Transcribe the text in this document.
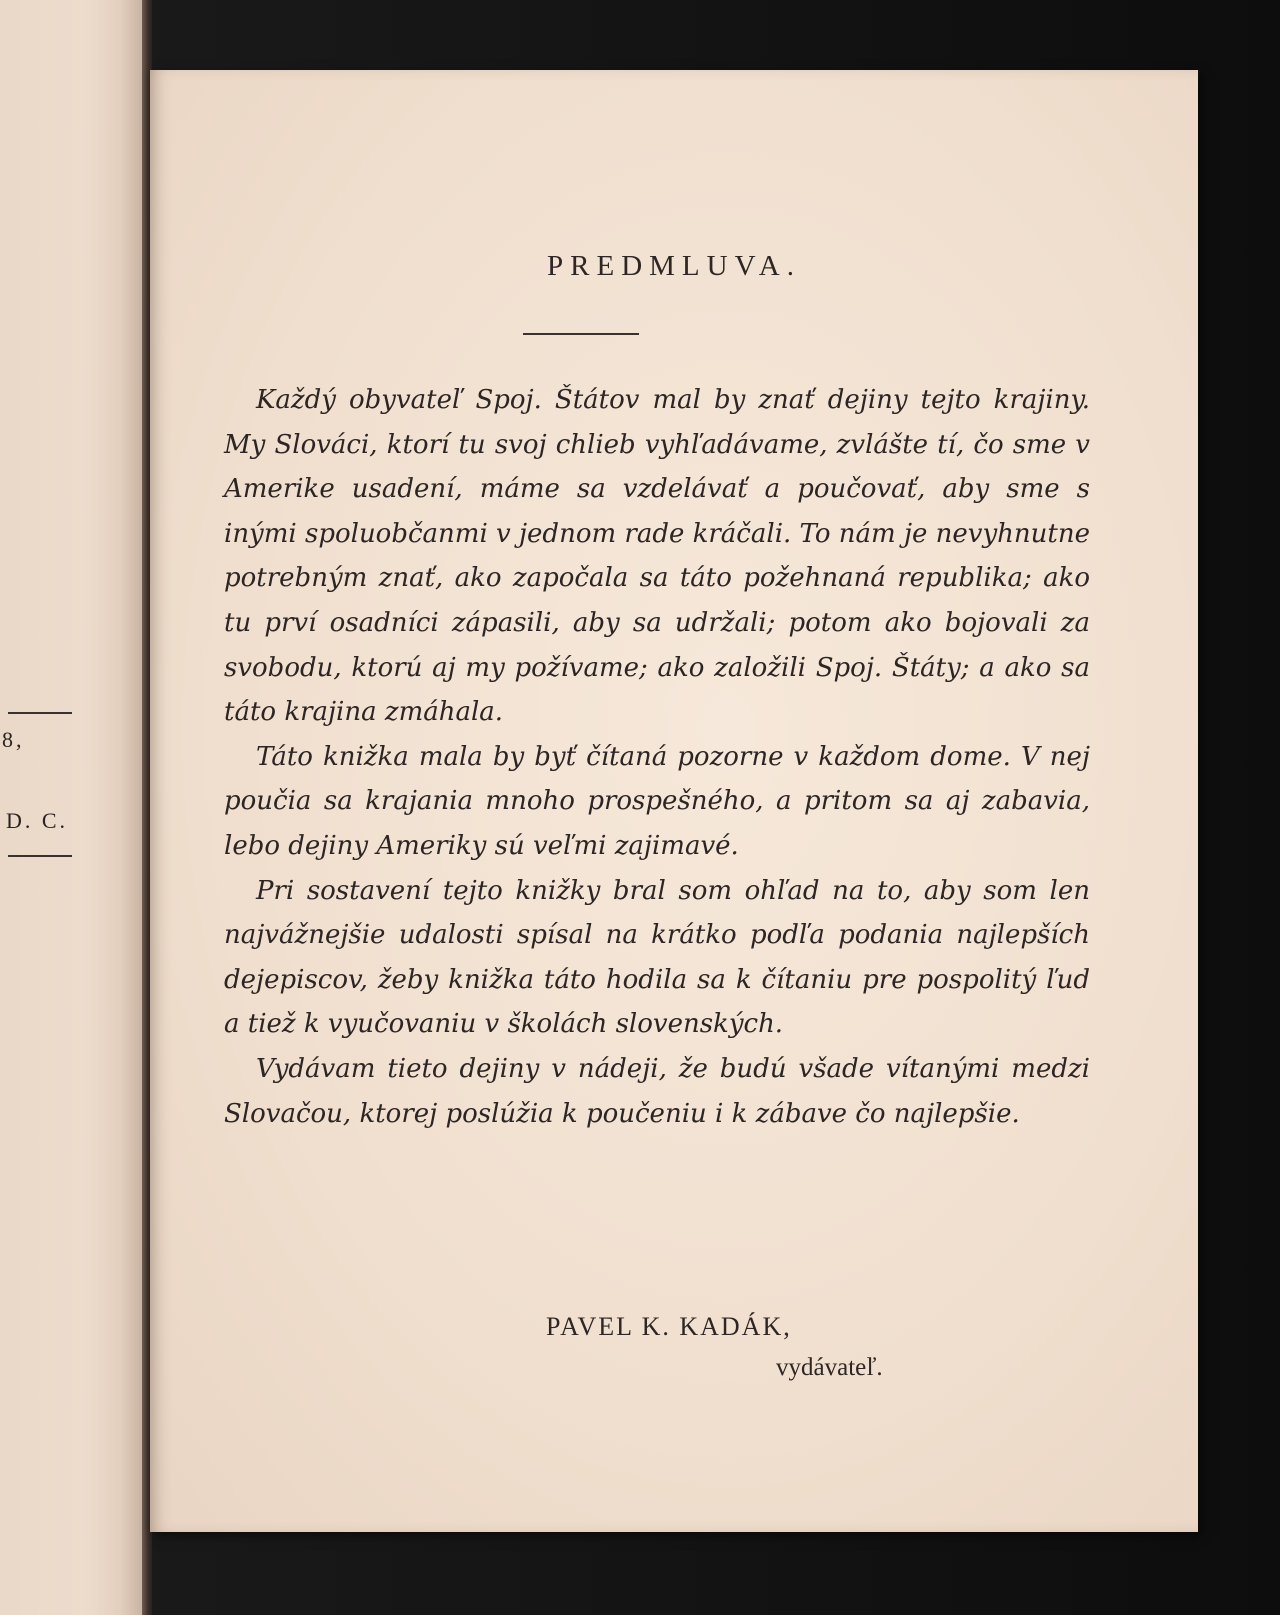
8,
D. C.
PREDMLUVA.

Každý obyvateľ Spoj. Štátov mal by znať dejiny tejto krajiny. My Slováci, ktorí tu svoj chlieb vyhľadávame, zvlášte tí, čo sme v Amerike usadení, máme sa vzdelávať a poučovať, aby sme s inými spoluobčanmi v jednom rade kráčali. To nám je nevyhnutne potrebným znať, ako započala sa táto požehnaná republika; ako tu prví osadníci zápasili, aby sa udržali; potom ako bojovali za svobodu, ktorú aj my požívame; ako založili Spoj. Štáty; a ako sa táto krajina zmáhala.

Táto knižka mala by byť čítaná pozorne v každom dome. V nej poučia sa krajania mnoho prospešného, a pritom sa aj zabavia, lebo dejiny Ameriky sú veľmi zajimavé.

Pri sostavení tejto knižky bral som ohľad na to, aby som len najvážnejšie udalosti spísal na krátko podľa podania najlepších dejepiscov, žeby knižka táto hodila sa k čítaniu pre pospolitý ľud a tiež k vyučovaniu v školách slovenských.

Vydávam tieto dejiny v nádeji, že budú všade vítanými medzi Slovačou, ktorej poslúžia k poučeniu i k zábave čo najlepšie.

PAVEL K. KADÁK,
vydávateľ.
